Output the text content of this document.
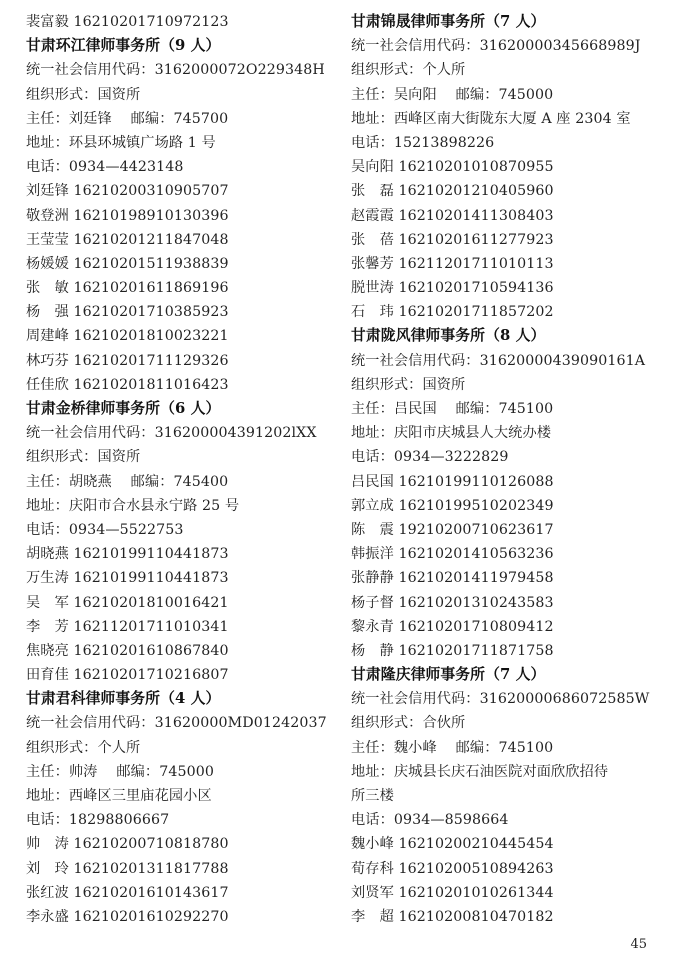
裴富毅 16210201710972123
甘肃环江律师事务所（9 人）
统一社会信用代码：3162000072O229348H
组织形式：国资所
主任：刘廷锋　 邮编：745700
地址：环县环城镇广场路 1 号
电话：0934—4423148
刘廷锋 16210200310905707
敬登洲 16210198910130396
王莹莹 16210201211847048
杨媛媛 16210201511938839
张　敏 16210201611869196
杨　强 16210201710385923
周建峰 16210201810023221
林巧芬 16210201711129326
任佳欣 16210201811016423
甘肃金桥律师事务所（6 人）
统一社会信用代码：316200004391202lXX
组织形式：国资所
主任：胡晓燕　 邮编：745400
地址：庆阳市合水县永宁路 25 号
电话：0934—5522753
胡晓燕 16210199110441873
万生涛 16210199110441873
吴　军 16210201810016421
李　芳 16211201711010341
焦晓亮 16210201610867840
田育佳 16210201710216807
甘肃君科律师事务所（4 人）
统一社会信用代码：31620000MD01242037
组织形式：个人所
主任：帅涛　 邮编：745000
地址：西峰区三里庙花园小区
电话：18298806667
帅　涛 16210200710818780
刘　玲 16210201311817788
张红波 16210201610143617
李永盛 16210201610292270
甘肃锦晟律师事务所（7 人）
统一社会信用代码：31620000345668989J
组织形式：个人所
主任：吴向阳　 邮编：745000
地址：西峰区南大街陇东大厦 A 座 2304 室
电话：15213898226
吴向阳 16210201010870955
张　磊 16210201210405960
赵霞霞 16210201411308403
张　蓓 16210201611277923
张馨芳 16211201711010113
脱世涛 16210201710594136
石　玮 16210201711857202
甘肃陇风律师事务所（8 人）
统一社会信用代码：31620000439090161A
组织形式：国资所
主任：吕民国　 邮编：745100
地址：庆阳市庆城县人大统办楼
电话：0934—3222829
吕民国 16210199110126088
郭立成 16210199510202349
陈　震 19210200710623617
韩振洋 16210201410563236
张静静 16210201411979458
杨子督 16210201310243583
黎永青 16210201710809412
杨　静 16210201711871758
甘肃隆庆律师事务所（7 人）
统一社会信用代码：31620000686072585W
组织形式：合伙所
主任：魏小峰　 邮编：745100
地址：庆城县长庆石油医院对面欣欣招待
所三楼
电话：0934—8598664
魏小峰 16210200210445454
荀存科 16210200510894263
刘贤军 16210201010261344
李　超 16210200810470182
45
